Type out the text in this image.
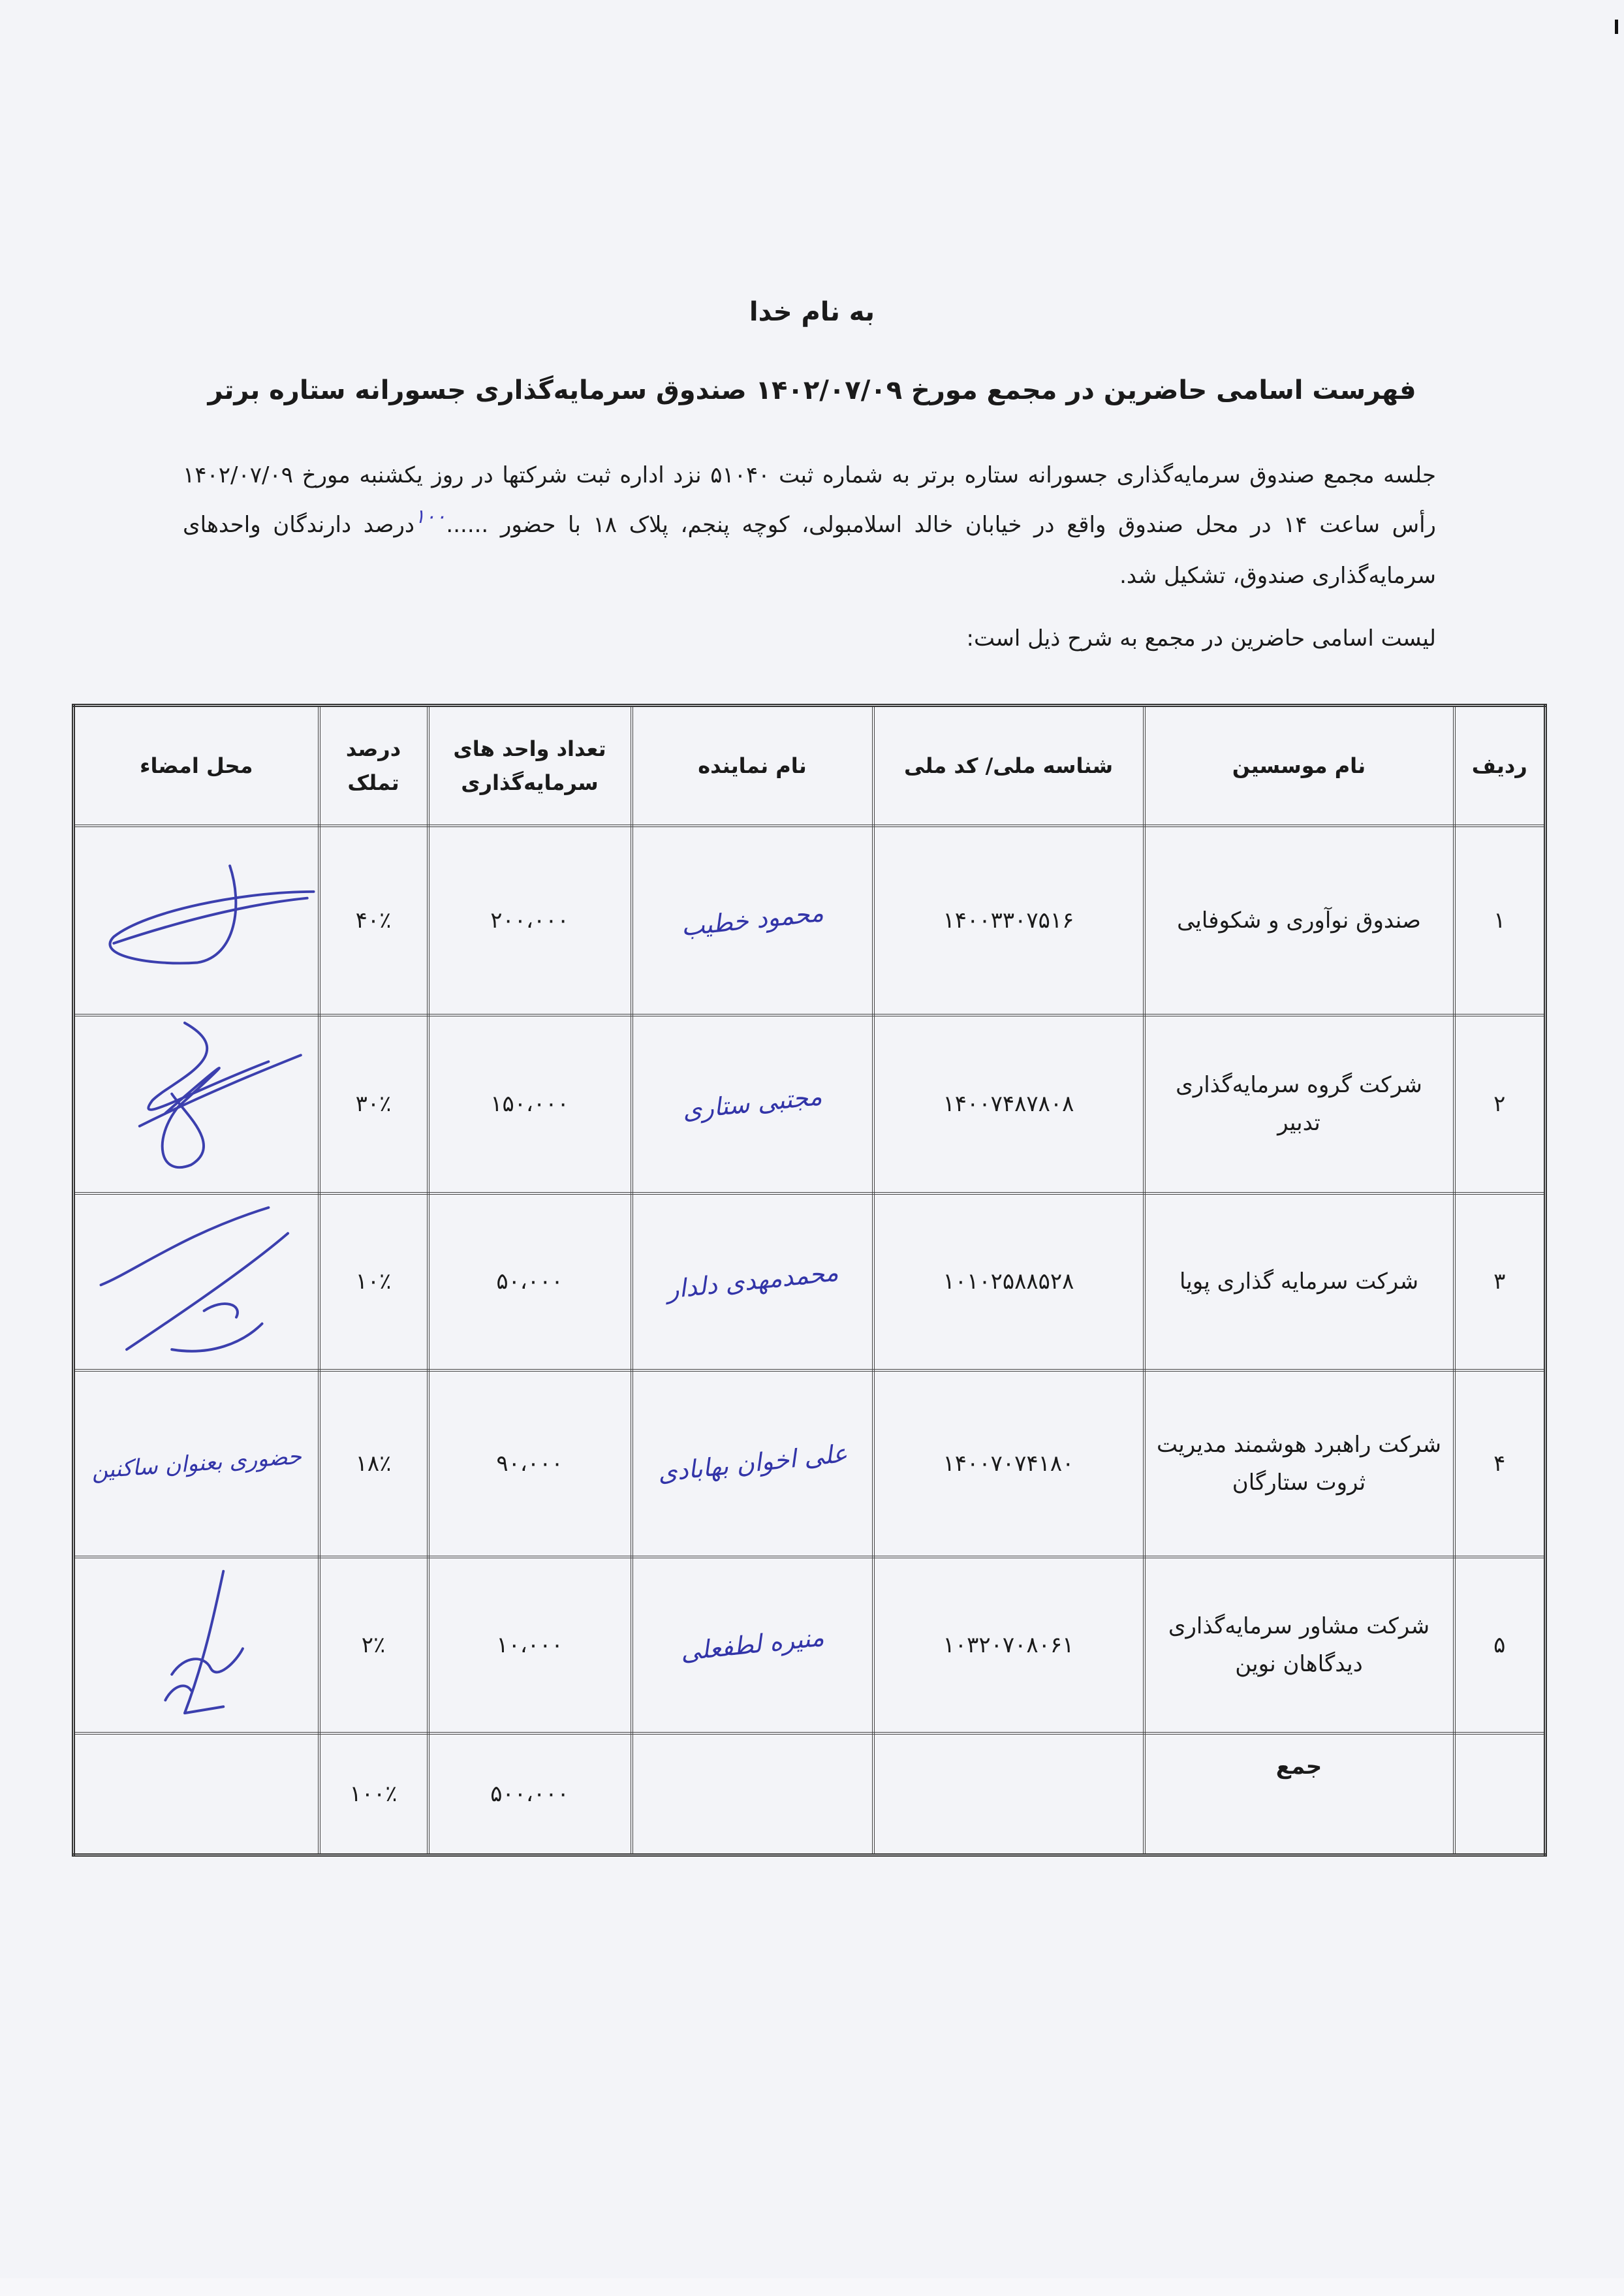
به نام خدا
فهرست اسامی حاضرین در مجمع مورخ ۱۴۰۲/۰۷/۰۹ صندوق سرمایه‌گذاری جسورانه ستاره برتر
جلسه مجمع صندوق سرمایه‌گذاری جسورانه ستاره برتر به شماره ثبت ۵۱۰۴۰ نزد اداره ثبت شرکتها در روز یکشنبه مورخ ۱۴۰۲/۰۷/۰۹ رأس ساعت ۱۴ در محل صندوق واقع در خیابان خالد اسلامبولی، کوچه پنجم، پلاک ۱۸ با حضور ......۱۰۰درصد دارندگان واحدهای سرمایه‌گذاری صندوق، تشکیل شد.
لیست اسامی حاضرین در مجمع به شرح ذیل است:
ردیف	نام موسسین	شناسه ملی/ کد ملی	نام نماینده	تعداد واحد های سرمایه‌گذاری	درصد تملک	محل امضاء
۱	صندوق نوآوری و شکوفایی	۱۴۰۰۳۳۰۷۵۱۶	محمود خطیب	۲۰۰،۰۰۰	۴۰٪	

۲	شرکت گروه سرمایه‌گذاری تدبیر	۱۴۰۰۷۴۸۷۸۰۸	مجتبی ستاری	۱۵۰،۰۰۰	۳۰٪	

۳	شرکت سرمایه گذاری پویا	۱۰۱۰۲۵۸۸۵۲۸	محمدمهدی دلدار	۵۰،۰۰۰	۱۰٪	

۴	شرکت راهبرد هوشمند مدیریت ثروت ستارگان	۱۴۰۰۷۰۷۴۱۸۰	علی اخوان بهابادی	۹۰،۰۰۰	۱۸٪	حضوری بعنوان ساکنین
۵	شرکت مشاور سرمایه‌گذاری دیدگاهان نوین	۱۰۳۲۰۷۰۸۰۶۱	منیره لطفعلی	۱۰،۰۰۰	۲٪	

	جمع			۵۰۰،۰۰۰	۱۰۰٪	
